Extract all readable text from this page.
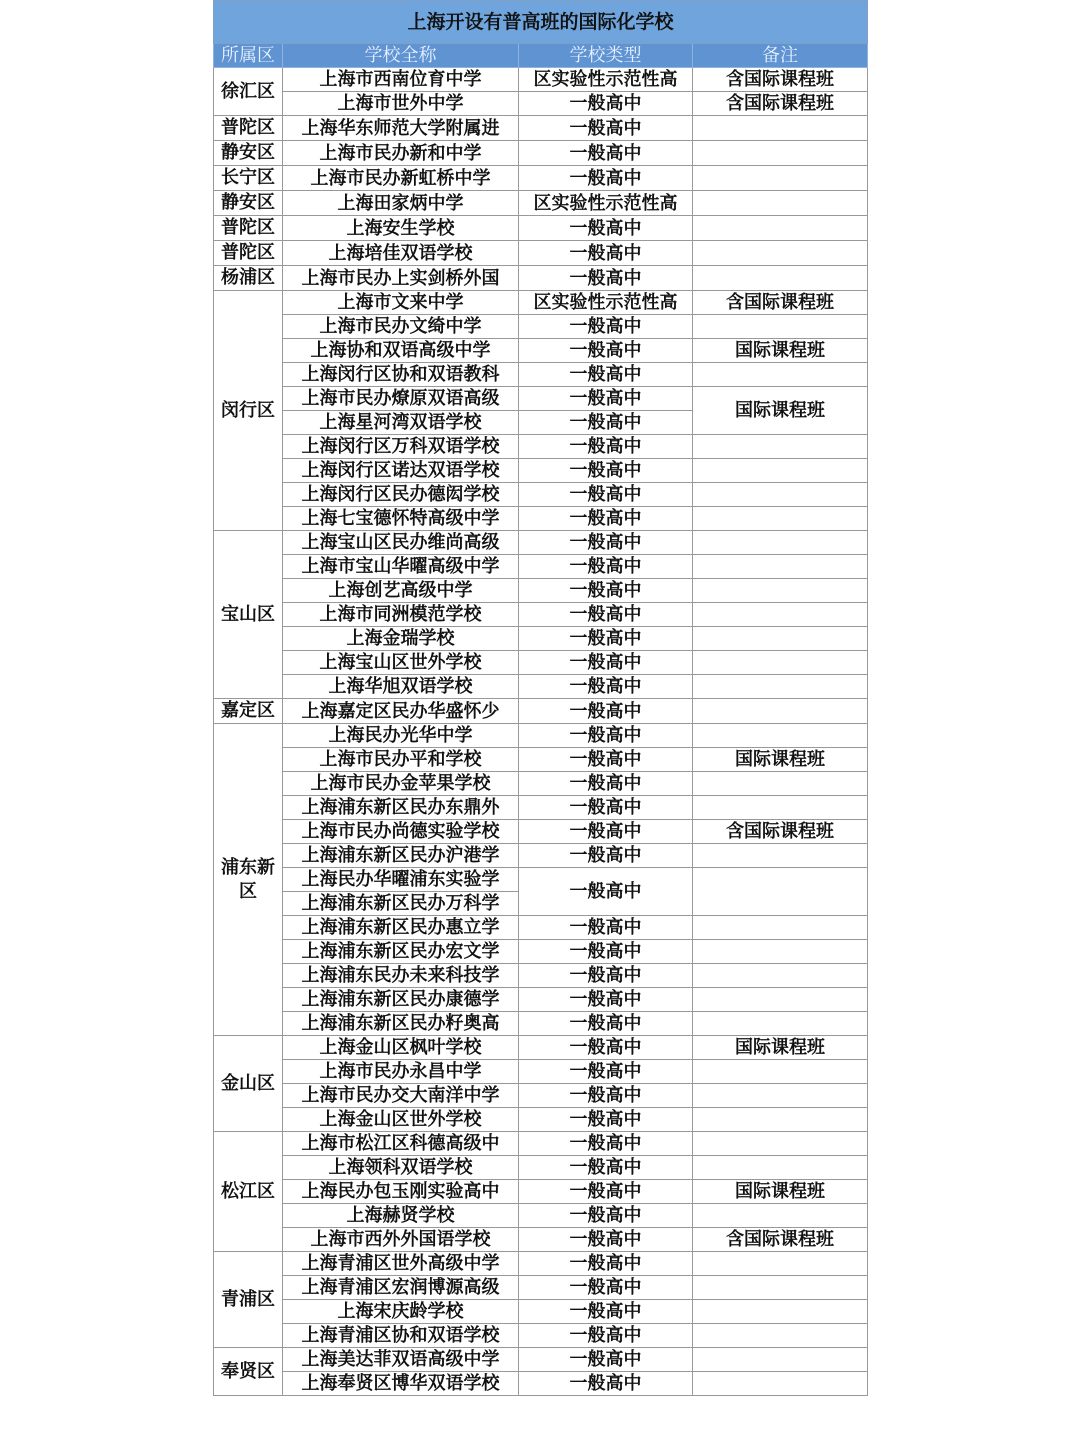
上海开设有普高班的国际化学校			
所属区	学校全称	学校类型	备注
徐汇区	上海市西南位育中学	区实验性示范性高	含国际课程班
	上海市世外中学	一般高中	含国际课程班
普陀区	上海华东师范大学附属进	一般高中	
静安区	上海市民办新和中学	一般高中	
长宁区	上海市民办新虹桥中学	一般高中	
静安区	上海田家炳中学	区实验性示范性高	
普陀区	上海安生学校	一般高中	
普陀区	上海培佳双语学校	一般高中	
杨浦区	上海市民办上实剑桥外国	一般高中	
闵行区	上海市文来中学	区实验性示范性高	含国际课程班
	上海市民办文绮中学	一般高中	
	上海协和双语高级中学	一般高中	国际课程班
	上海闵行区协和双语教科	一般高中	
	上海市民办燎原双语高级	一般高中	国际课程班
	上海星河湾双语学校	一般高中	
	上海闵行区万科双语学校	一般高中	
	上海闵行区诺达双语学校	一般高中	
	上海闵行区民办德闳学校	一般高中	
	上海七宝德怀特高级中学	一般高中	
宝山区	上海宝山区民办维尚高级	一般高中	
	上海市宝山华曜高级中学	一般高中	
	上海创艺高级中学	一般高中	
	上海市同洲模范学校	一般高中	
	上海金瑞学校	一般高中	
	上海宝山区世外学校	一般高中	
	上海华旭双语学校	一般高中	
嘉定区	上海嘉定区民办华盛怀少	一般高中	
浦东新区	上海民办光华中学	一般高中	
	上海市民办平和学校	一般高中	国际课程班
	上海市民办金苹果学校	一般高中	
	上海浦东新区民办东鼎外	一般高中	
	上海市民办尚德实验学校	一般高中	含国际课程班
	上海浦东新区民办沪港学	一般高中	
	上海民办华曜浦东实验学	一般高中	
	上海浦东新区民办万科学		
	上海浦东新区民办惠立学	一般高中	
	上海浦东新区民办宏文学	一般高中	
	上海浦东民办未来科技学	一般高中	
	上海浦东新区民办康德学	一般高中	
	上海浦东新区民办籽奥高	一般高中	
金山区	上海金山区枫叶学校	一般高中	国际课程班
	上海市民办永昌中学	一般高中	
	上海市民办交大南洋中学	一般高中	
	上海金山区世外学校	一般高中	
松江区	上海市松江区科德高级中	一般高中	
	上海领科双语学校	一般高中	
	上海民办包玉刚实验高中	一般高中	国际课程班
	上海赫贤学校	一般高中	
	上海市西外外国语学校	一般高中	含国际课程班
青浦区	上海青浦区世外高级中学	一般高中	
	上海青浦区宏润博源高级	一般高中	
	上海宋庆龄学校	一般高中	
	上海青浦区协和双语学校	一般高中	
奉贤区	上海美达菲双语高级中学	一般高中	
	上海奉贤区博华双语学校	一般高中	
